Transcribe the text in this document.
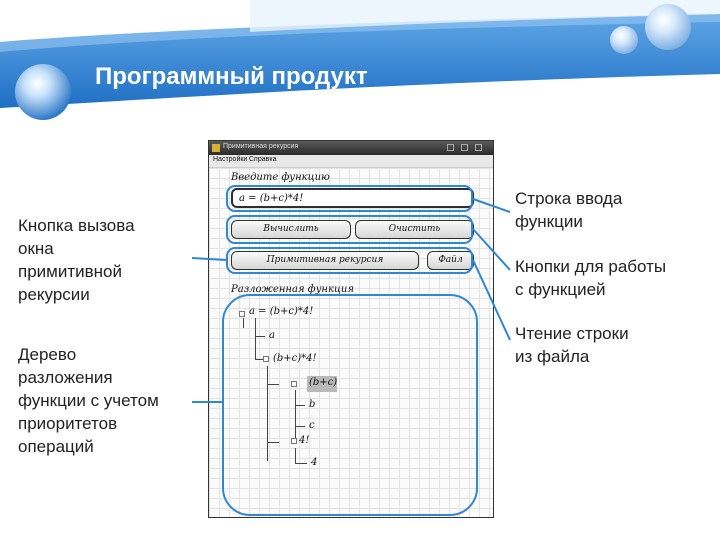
Программный продукт
Кнопка вызова
окна
примитивной
рекурсии
Дерево
разложения
функции с учетом
приоритетов
операций
Строка ввода
функции
Кнопки для работы
с функцией
Чтение строки
из файла
Примитивная рекурсия
Настройки Справка
Введите функцию
a = (b+c)*4!
Вычислить	Очистить
Примитивная рекурсия	Файл
Разложенная функция
a = (b+c)*4!
a
(b+c)*4!
(b+c)
b
c
4!
4
